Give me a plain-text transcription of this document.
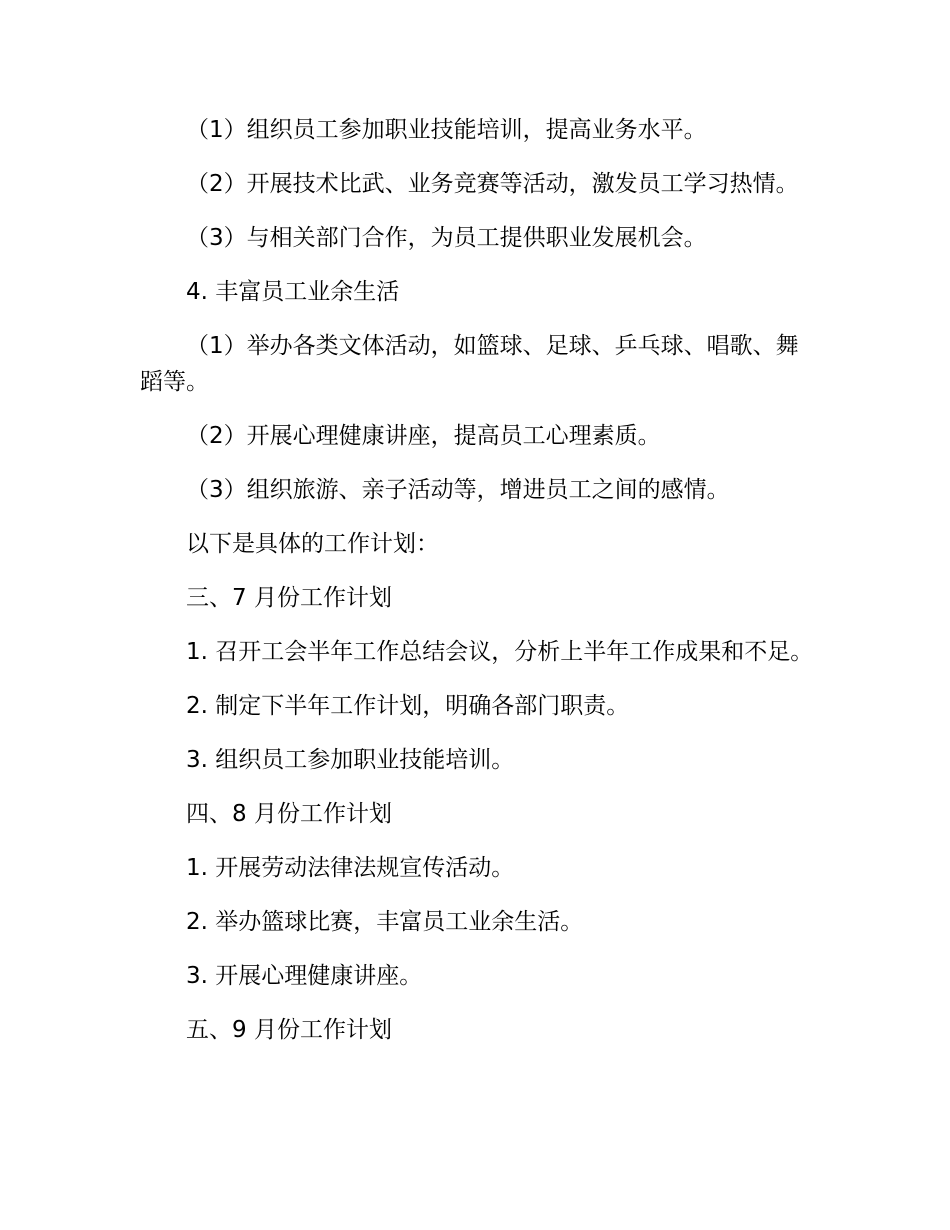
（1）组织员工参加职业技能培训，提高业务水平。

（2）开展技术比武、业务竞赛等活动，激发员工学习热情。

（3）与相关部门合作，为员工提供职业发展机会。

4. 丰富员工业余生活

（1）举办各类文体活动，如篮球、足球、乒乓球、唱歌、舞蹈等。

（2）开展心理健康讲座，提高员工心理素质。

（3）组织旅游、亲子活动等，增进员工之间的感情。

以下是具体的工作计划：

三、7 月份工作计划

1. 召开工会半年工作总结会议，分析上半年工作成果和不足。

2. 制定下半年工作计划，明确各部门职责。

3. 组织员工参加职业技能培训。

四、8 月份工作计划

1. 开展劳动法律法规宣传活动。

2. 举办篮球比赛，丰富员工业余生活。

3. 开展心理健康讲座。

五、9 月份工作计划
